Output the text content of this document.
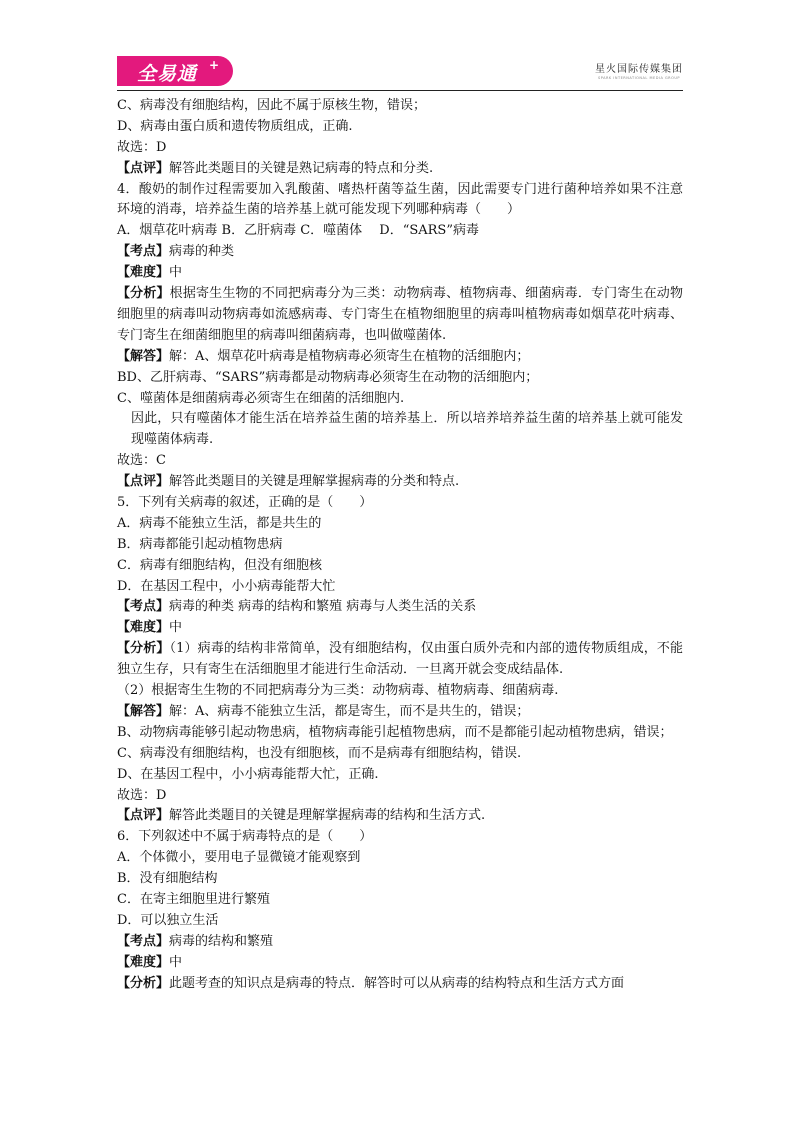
全易通 +	星火国际传媒集团
SPARK INTERNATIONAL MEDIA GROUP
C、病毒没有细胞结构，因此不属于原核生物，错误；
D、病毒由蛋白质和遗传物质组成，正确.
故选：D
【点评】解答此类题目的关键是熟记病毒的特点和分类.
4．酸奶的制作过程需要加入乳酸菌、嗜热杆菌等益生菌，因此需要专门进行菌种培养如果不注意环境的消毒，培养益生菌的培养基上就可能发现下列哪种病毒（　　）
A．烟草花叶病毒 B．乙肝病毒 C．噬菌体　 D．“SARS”病毒
【考点】病毒的种类
【难度】中
【分析】根据寄生生物的不同把病毒分为三类：动物病毒、植物病毒、细菌病毒．专门寄生在动物细胞里的病毒叫动物病毒如流感病毒、专门寄生在植物细胞里的病毒叫植物病毒如烟草花叶病毒、专门寄生在细菌细胞里的病毒叫细菌病毒，也叫做噬菌体.
【解答】解：A、烟草花叶病毒是植物病毒必须寄生在植物的活细胞内；
BD、乙肝病毒、“SARS”病毒都是动物病毒必须寄生在动物的活细胞内；
C、噬菌体是细菌病毒必须寄生在细菌的活细胞内.
因此，只有噬菌体才能生活在培养益生菌的培养基上．所以培养培养益生菌的培养基上就可能发现噬菌体病毒.
故选：C
【点评】解答此类题目的关键是理解掌握病毒的分类和特点.
5．下列有关病毒的叙述，正确的是（　　）
A．病毒不能独立生活，都是共生的
B．病毒都能引起动植物患病
C．病毒有细胞结构，但没有细胞核
D．在基因工程中，小小病毒能帮大忙
【考点】病毒的种类 病毒的结构和繁殖 病毒与人类生活的关系
【难度】中
【分析】（1）病毒的结构非常简单，没有细胞结构，仅由蛋白质外壳和内部的遗传物质组成，不能独立生存，只有寄生在活细胞里才能进行生命活动．一旦离开就会变成结晶体.
（2）根据寄生生物的不同把病毒分为三类：动物病毒、植物病毒、细菌病毒.
【解答】解：A、病毒不能独立生活，都是寄生，而不是共生的，错误；
B、动物病毒能够引起动物患病，植物病毒能引起植物患病，而不是都能引起动植物患病，错误；
C、病毒没有细胞结构，也没有细胞核，而不是病毒有细胞结构，错误.
D、在基因工程中，小小病毒能帮大忙，正确.
故选：D
【点评】解答此类题目的关键是理解掌握病毒的结构和生活方式.
6．下列叙述中不属于病毒特点的是（　　）
A．个体微小，要用电子显微镜才能观察到
B．没有细胞结构
C．在寄主细胞里进行繁殖
D．可以独立生活
【考点】病毒的结构和繁殖
【难度】中
【分析】此题考查的知识点是病毒的特点．解答时可以从病毒的结构特点和生活方式方面
